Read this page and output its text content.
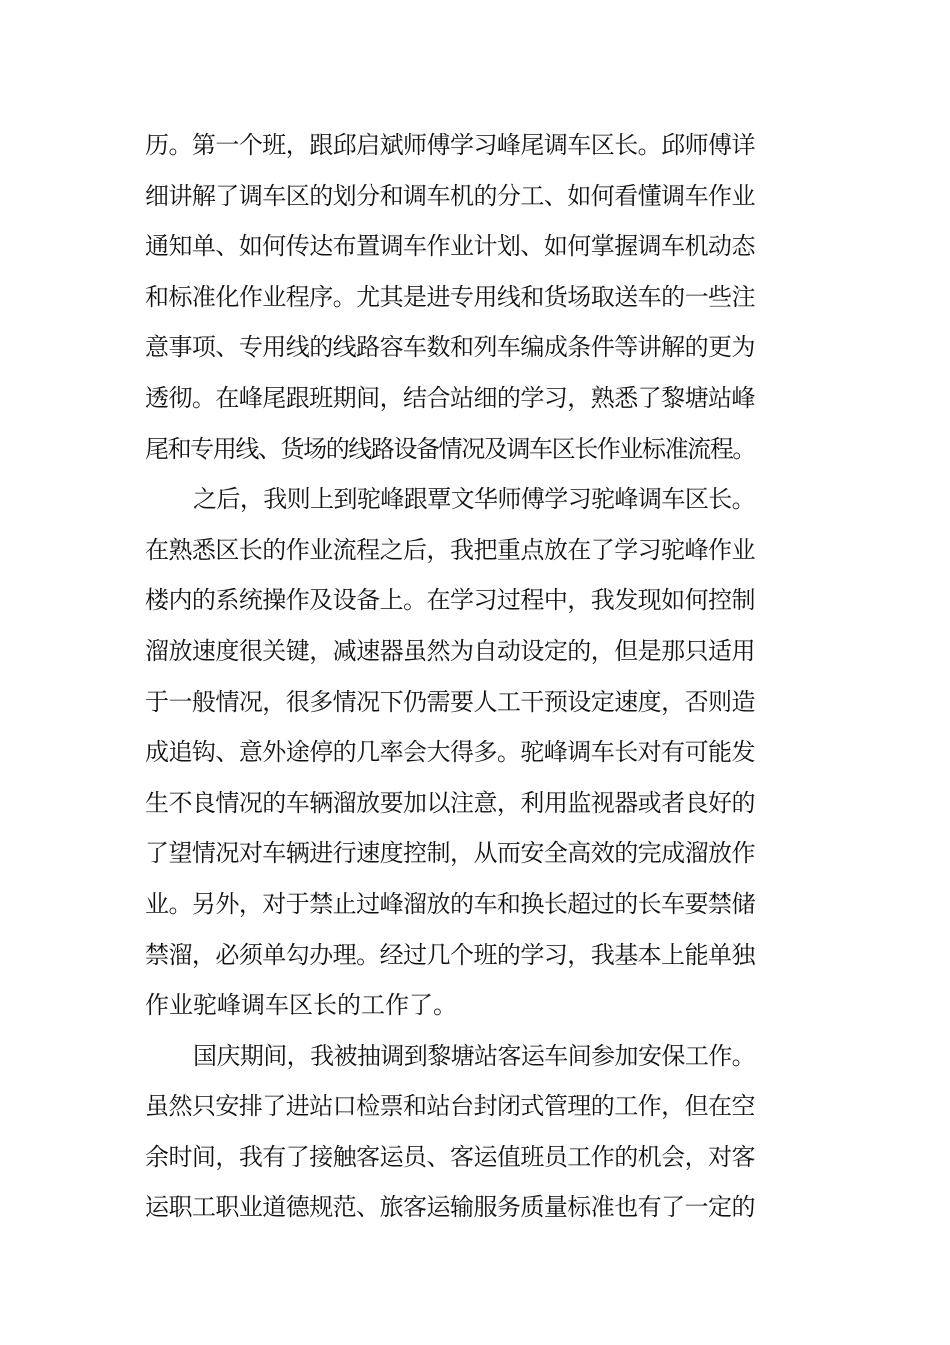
历。第一个班，跟邱启斌师傅学习峰尾调车区长。邱师傅详
细讲解了调车区的划分和调车机的分工、如何看懂调车作业
通知单、如何传达布置调车作业计划、如何掌握调车机动态
和标准化作业程序。尤其是进专用线和货场取送车的一些注
意事项、专用线的线路容车数和列车编成条件等讲解的更为
透彻。在峰尾跟班期间，结合站细的学习，熟悉了黎塘站峰
尾和专用线、货场的线路设备情况及调车区长作业标准流程。
之后，我则上到驼峰跟覃文华师傅学习驼峰调车区长。
在熟悉区长的作业流程之后，我把重点放在了学习驼峰作业
楼内的系统操作及设备上。在学习过程中，我发现如何控制
溜放速度很关键，减速器虽然为自动设定的，但是那只适用
于一般情况，很多情况下仍需要人工干预设定速度，否则造
成追钩、意外途停的几率会大得多。驼峰调车长对有可能发
生不良情况的车辆溜放要加以注意，利用监视器或者良好的
了望情况对车辆进行速度控制，从而安全高效的完成溜放作
业。另外，对于禁止过峰溜放的车和换长超过的长车要禁储
禁溜，必须单勾办理。经过几个班的学习，我基本上能单独
作业驼峰调车区长的工作了。
国庆期间，我被抽调到黎塘站客运车间参加安保工作。
虽然只安排了进站口检票和站台封闭式管理的工作，但在空
余时间，我有了接触客运员、客运值班员工作的机会，对客
运职工职业道德规范、旅客运输服务质量标准也有了一定的
